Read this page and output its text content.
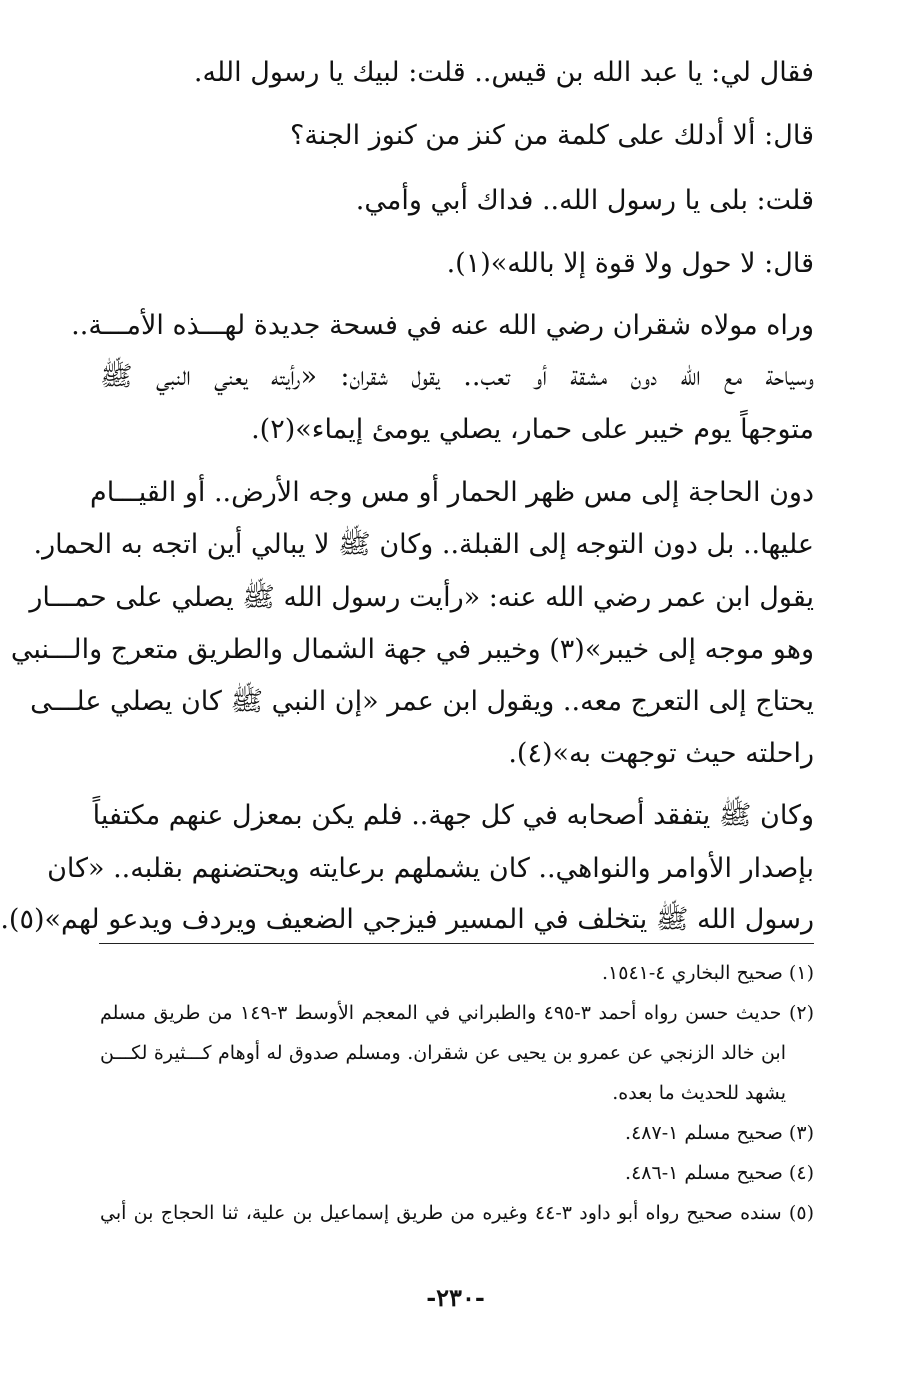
فقال لي: يا عبد الله بن قيس.. قلت: لبيك يا رسول الله.
قال: ألا أدلك على كلمة من كنز من كنوز الجنة؟
قلت: بلى يا رسول الله.. فداك أبي وأمي.
قال: لا حول ولا قوة إلا بالله»(١).
وراه مولاه شقران رضي الله عنه في فسحة جديدة لهـــذه الأمـــة..
وسياحة مع الله دون مشقة أو تعب.. يقول شقران: «رأيته يعني النبي ﷺ
متوجهاً يوم خيبر على حمار، يصلي يومئ إيماء»(٢).
دون الحاجة إلى مس ظهر الحمار أو مس وجه الأرض.. أو القيـــام
عليها.. بل دون التوجه إلى القبلة.. وكان ﷺ لا يبالي أين اتجه به الحمار.
يقول ابن عمر رضي الله عنه: «رأيت رسول الله ﷺ يصلي على حمـــار
وهو موجه إلى خيبر»(٣) وخيبر في جهة الشمال والطريق متعرج والـــنبي
يحتاج إلى التعرج معه.. ويقول ابن عمر «إن النبي ﷺ كان يصلي علـــى
راحلته حيث توجهت به»(٤).
وكان ﷺ يتفقد أصحابه في كل جهة.. فلم يكن بمعزل عنهم مكتفياً
بإصدار الأوامر والنواهي.. كان يشملهم برعايته ويحتضنهم بقلبه.. «كان
رسول الله ﷺ يتخلف في المسير فيزجي الضعيف ويردف ويدعو لهم»(٥).
(١) صحيح البخاري ٤-١٥٤١.
(٢) حديث حسن رواه أحمد ٣-٤٩٥ والطبراني في المعجم الأوسط ٣-١٤٩ من طريق مسلم
ابن خالد الزنجي عن عمرو بن يحيى عن شقران. ومسلم صدوق له أوهام كـــثيرة لكـــن
يشهد للحديث ما بعده.
(٣) صحيح مسلم ١-٤٨٧.
(٤) صحيح مسلم ١-٤٨٦.
(٥) سنده صحيح رواه أبو داود ٣-٤٤ وغيره من طريق إسماعيل بن علية، ثنا الحجاج بن أبي
-٢٣٠-
